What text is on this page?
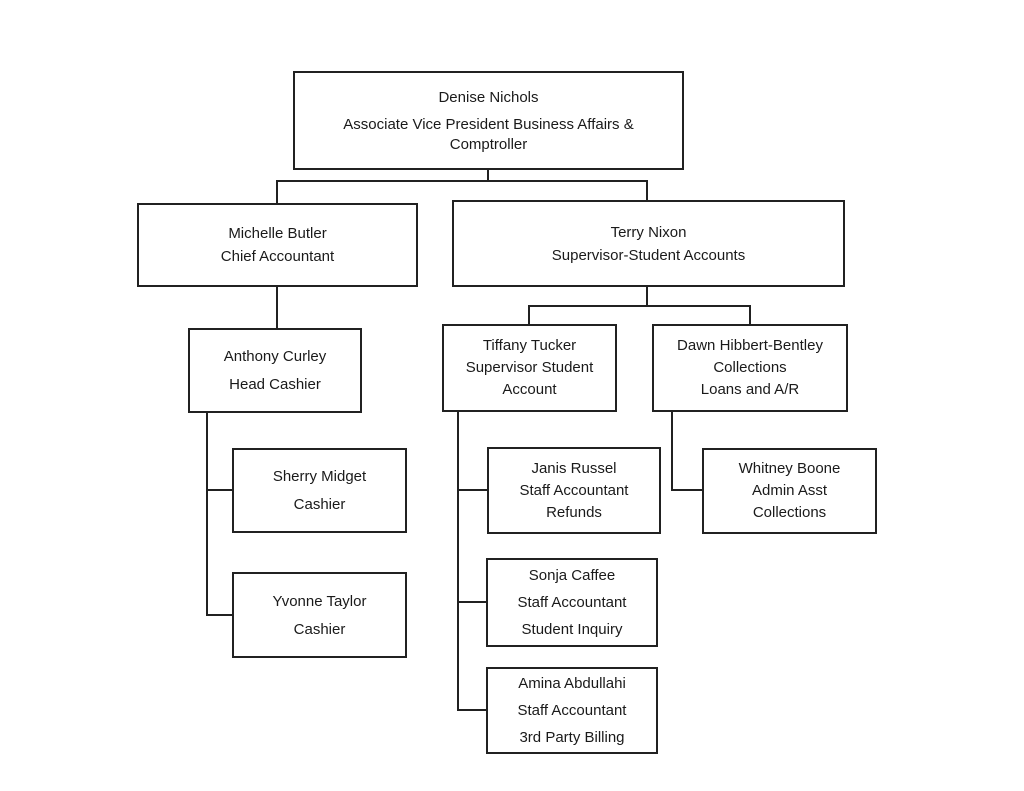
Denise Nichols
Associate Vice President Business Affairs & Comptroller
Michelle Butler
Chief Accountant
Terry Nixon
Supervisor-Student Accounts
Anthony Curley
Head Cashier
Tiffany Tucker
Supervisor Student Account
Dawn Hibbert-Bentley
Collections
Loans and A/R
Sherry Midget
Cashier
Yvonne Taylor
Cashier
Janis Russel
Staff Accountant
Refunds
Sonja Caffee
Staff Accountant
Student Inquiry
Amina Abdullahi
Staff Accountant
3rd Party Billing
Whitney Boone
Admin Asst
Collections
